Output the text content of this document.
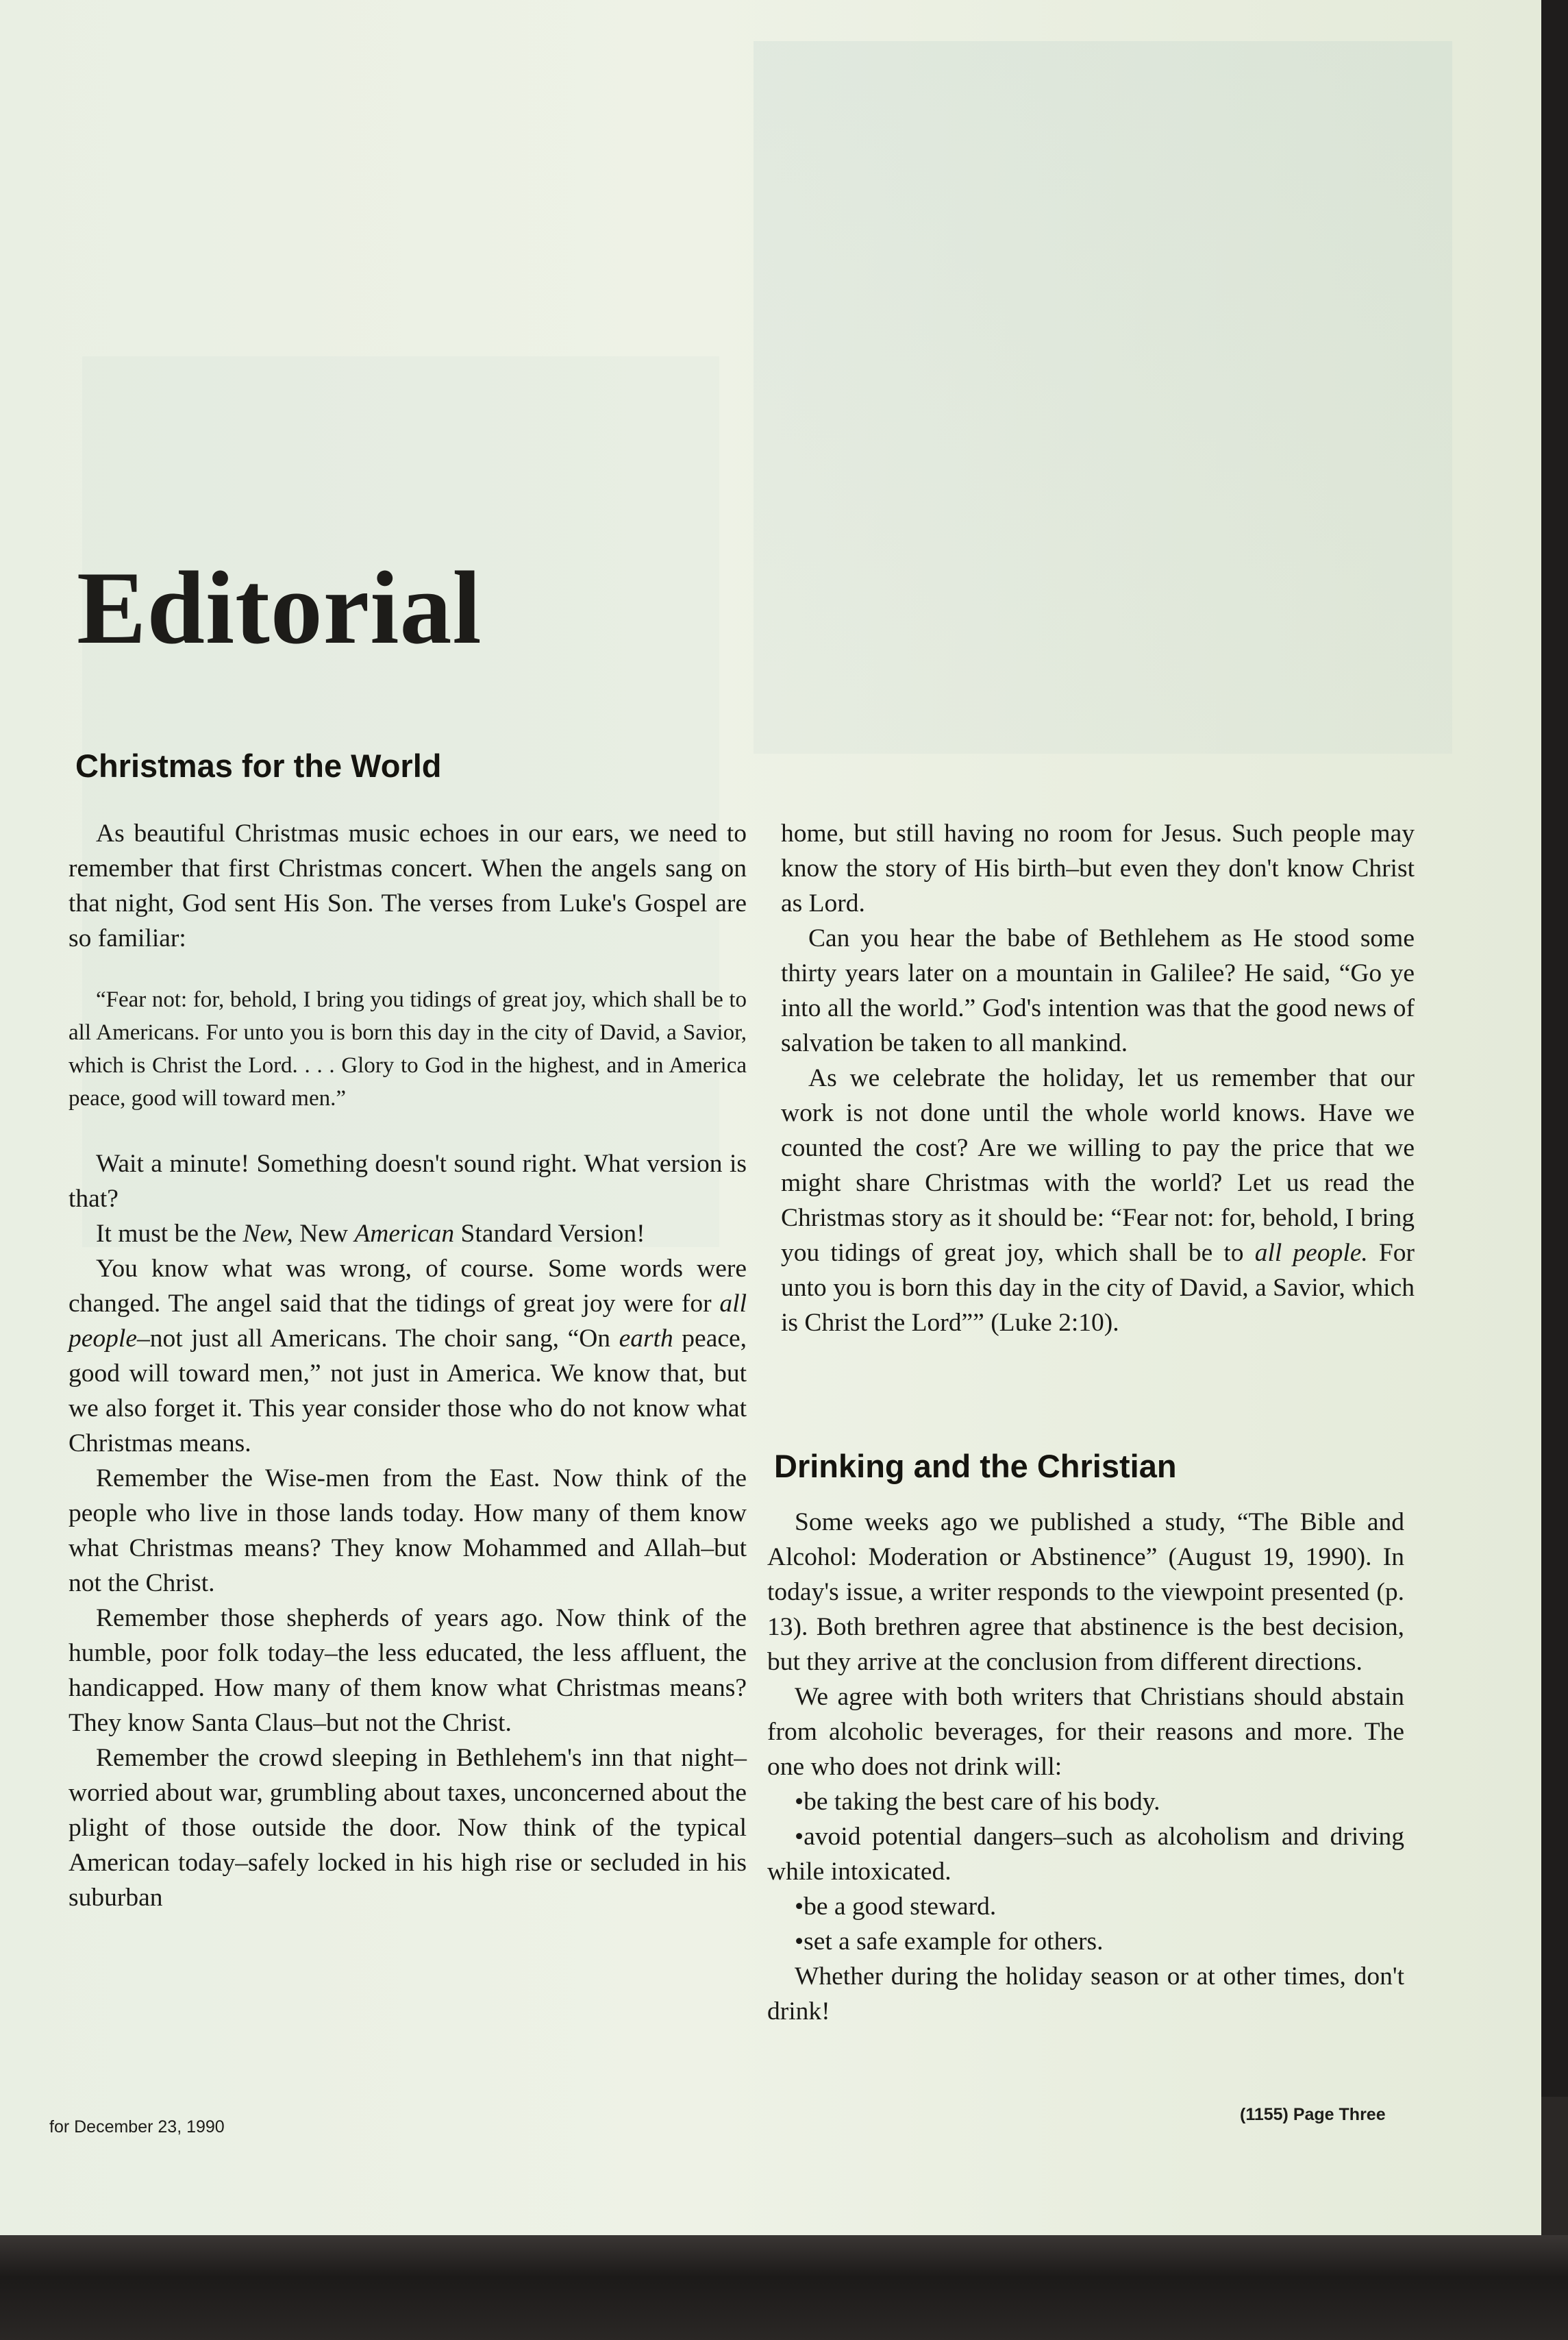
Editorial
Christmas for the World

As beautiful Christmas music echoes in our ears, we need to remember that first Christmas concert. When the angels sang on that night, God sent His Son. The verses from Luke's Gospel are so familiar:

“Fear not: for, behold, I bring you tidings of great joy, which shall be to all Americans. For unto you is born this day in the city of David, a Savior, which is Christ the Lord. . . . Glory to God in the highest, and in America peace, good will toward men.”

Wait a minute! Something doesn't sound right. What version is that?

It must be the New, New American Standard Version!

You know what was wrong, of course. Some words were changed. The angel said that the tidings of great joy were for all people–not just all Americans. The choir sang, “On earth peace, good will toward men,” not just in America. We know that, but we also forget it. This year consider those who do not know what Christmas means.

Remember the Wise-men from the East. Now think of the people who live in those lands today. How many of them know what Christmas means? They know Mohammed and Allah–but not the Christ.

Remember those shepherds of years ago. Now think of the humble, poor folk today–the less educated, the less affluent, the handicapped. How many of them know what Christmas means? They know Santa Claus–but not the Christ.

Remember the crowd sleeping in Bethlehem's inn that night–worried about war, grumbling about taxes, unconcerned about the plight of those outside the door. Now think of the typical American today–safely locked in his high rise or secluded in his suburban

home, but still having no room for Jesus. Such people may know the story of His birth–but even they don't know Christ as Lord.

Can you hear the babe of Bethlehem as He stood some thirty years later on a mountain in Galilee? He said, “Go ye into all the world.” God's intention was that the good news of salvation be taken to all mankind.

As we celebrate the holiday, let us remember that our work is not done until the whole world knows. Have we counted the cost? Are we willing to pay the price that we might share Christmas with the world? Let us read the Christmas story as it should be: “Fear not: for, behold, I bring you tidings of great joy, which shall be to all people. For unto you is born this day in the city of David, a Savior, which is Christ the Lord”” (Luke 2:10).

Drinking and the Christian

Some weeks ago we published a study, “The Bible and Alcohol: Moderation or Abstinence” (August 19, 1990). In today's issue, a writer responds to the viewpoint presented (p. 13). Both brethren agree that abstinence is the best decision, but they arrive at the conclusion from different directions.

We agree with both writers that Christians should abstain from alcoholic beverages, for their reasons and more. The one who does not drink will:

•be taking the best care of his body.

•avoid potential dangers–such as alcoholism and driving while intoxicated.

•be a good steward.

•set a safe example for others.

Whether during the holiday season or at other times, don't drink!

for December 23, 1990
(1155) Page Three
